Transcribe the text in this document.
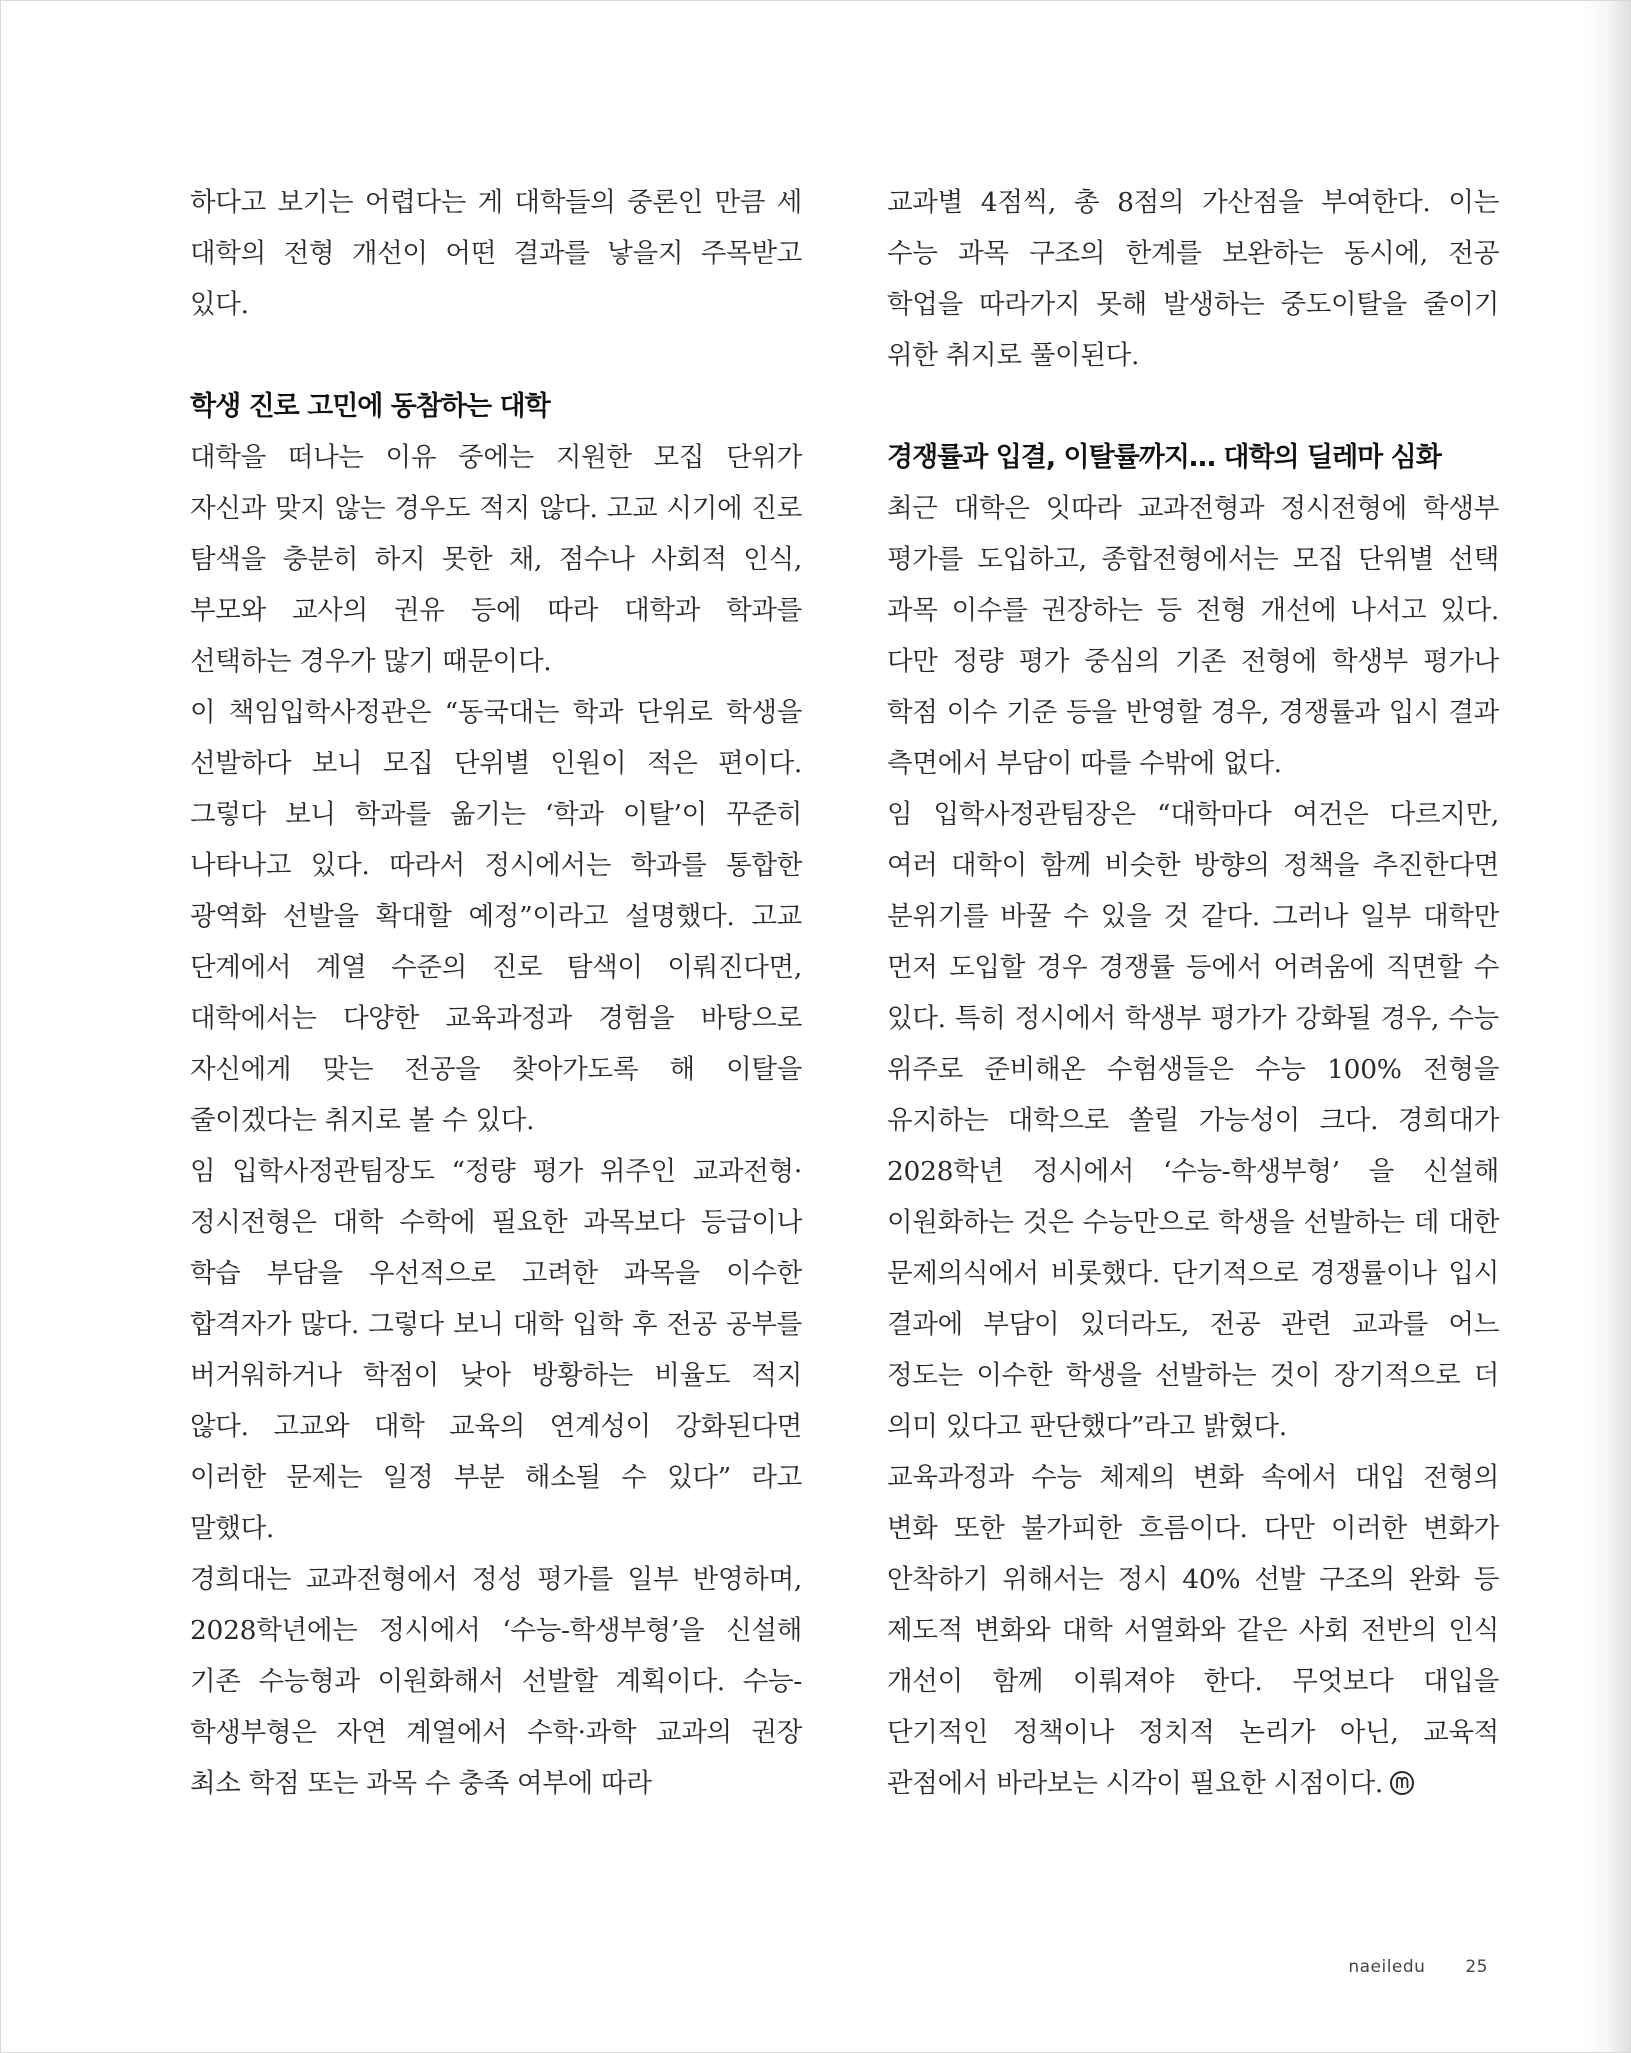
하다고 보기는 어렵다는 게 대학들의 중론인 만큼 세 대학의 전형 개선이 어떤 결과를 낳을지 주목받고 있다.

학생 진로 고민에 동참하는 대학

대학을 떠나는 이유 중에는 지원한 모집 단위가 자신과 맞지 않는 경우도 적지 않다. 고교 시기에 진로 탐색을 충분히 하지 못한 채, 점수나 사회적 인식, 부모와 교사의 권유 등에 따라 대학과 학과를 선택하는 경우가 많기 때문이다.

이 책임입학사정관은 “동국대는 학과 단위로 학생을 선발하다 보니 모집 단위별 인원이 적은 편이다. 그렇다 보니 학과를 옮기는 ‘학과 이탈’이 꾸준히 나타나고 있다. 따라서 정시에서는 학과를 통합한 광역화 선발을 확대할 예정”이라고 설명했다. 고교 단계에서 계열 수준의 진로 탐색이 이뤄진다면, 대학에서는 다양한 교육과정과 경험을 바탕으로 자신에게 맞는 전공을 찾아가도록 해 이탈을 줄이겠다는 취지로 볼 수 있다.

임 입학사정관팀장도 “정량 평가 위주인 교과전형·정시전형은 대학 수학에 필요한 과목보다 등급이나 학습 부담을 우선적으로 고려한 과목을 이수한 합격자가 많다. 그렇다 보니 대학 입학 후 전공 공부를 버거워하거나 학점이 낮아 방황하는 비율도 적지 않다. 고교와 대학 교육의 연계성이 강화된다면 이러한 문제는 일정 부분 해소될 수 있다” 라고 말했다.

경희대는 교과전형에서 정성 평가를 일부 반영하며, 2028학년에는 정시에서 ‘수능-학생부형’을 신설해 기존 수능형과 이원화해서 선발할 계획이다. 수능-학생부형은 자연 계열에서 수학·과학 교과의 권장 최소 학점 또는 과목 수 충족 여부에 따라

교과별 4점씩, 총 8점의 가산점을 부여한다. 이는 수능 과목 구조의 한계를 보완하는 동시에, 전공 학업을 따라가지 못해 발생하는 중도이탈을 줄이기 위한 취지로 풀이된다.

경쟁률과 입결, 이탈률까지… 대학의 딜레마 심화

최근 대학은 잇따라 교과전형과 정시전형에 학생부 평가를 도입하고, 종합전형에서는 모집 단위별 선택 과목 이수를 권장하는 등 전형 개선에 나서고 있다. 다만 정량 평가 중심의 기존 전형에 학생부 평가나 학점 이수 기준 등을 반영할 경우, 경쟁률과 입시 결과 측면에서 부담이 따를 수밖에 없다.

임 입학사정관팀장은 “대학마다 여건은 다르지만, 여러 대학이 함께 비슷한 방향의 정책을 추진한다면 분위기를 바꿀 수 있을 것 같다. 그러나 일부 대학만 먼저 도입할 경우 경쟁률 등에서 어려움에 직면할 수 있다. 특히 정시에서 학생부 평가가 강화될 경우, 수능 위주로 준비해온 수험생들은 수능 100% 전형을 유지하는 대학으로 쏠릴 가능성이 크다. 경희대가 2028학년 정시에서 ‘수능-학생부형’ 을 신설해 이원화하는 것은 수능만으로 학생을 선발하는 데 대한 문제의식에서 비롯했다. 단기적으로 경쟁률이나 입시 결과에 부담이 있더라도, 전공 관련 교과를 어느 정도는 이수한 학생을 선발하는 것이 장기적으로 더 의미 있다고 판단했다”라고 밝혔다.

교육과정과 수능 체제의 변화 속에서 대입 전형의 변화 또한 불가피한 흐름이다. 다만 이러한 변화가 안착하기 위해서는 정시 40% 선발 구조의 완화 등 제도적 변화와 대학 서열화와 같은 사회 전반의 인식 개선이 함께 이뤄져야 한다. 무엇보다 대입을 단기적인 정책이나 정치적 논리가 아닌, 교육적 관점에서 바라보는 시각이 필요한 시점이다.

naeiledu 25
